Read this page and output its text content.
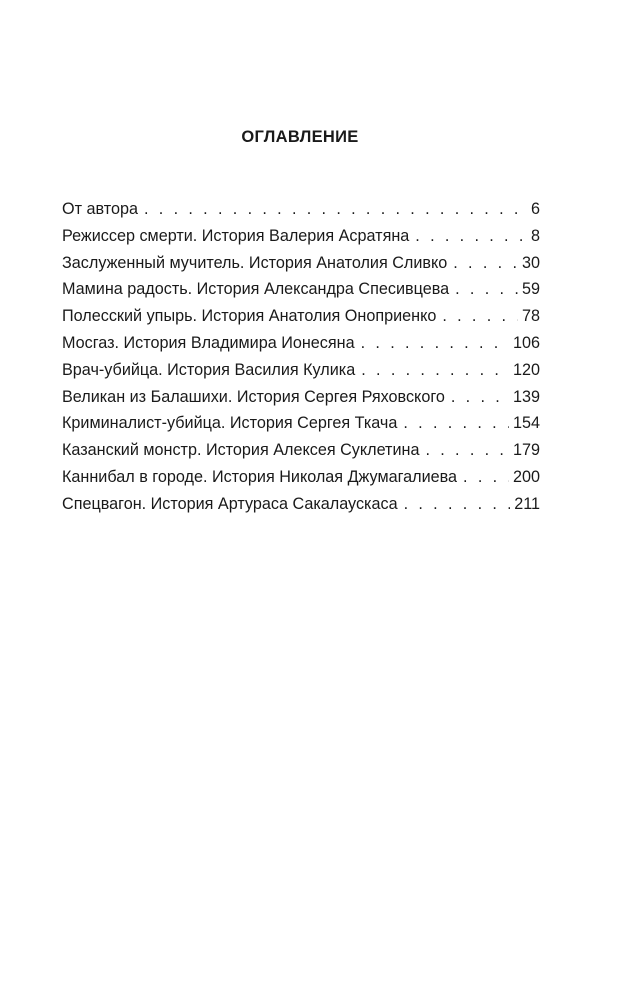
ОГЛАВЛЕНИЕ
От автора . . .	6
Режиссер смерти. История Валерия Асратяна . . .	8
Заслуженный мучитель. История Анатолия Сливко . . .	30
Мамина радость. История Александра Спесивцева . . .	59
Полесский упырь. История Анатолия Оноприенко . . .	78
Мосгаз. История Владимира Ионесяна . . .	106
Врач-убийца. История Василия Кулика . . .	120
Великан из Балашихи. История Сергея Ряховского . . .	139
Криминалист-убийца. История Сергея Ткача . . .	154
Казанский монстр. История Алексея Суклетина . . .	179
Каннибал в городе. История Николая Джумагалиева . . .	200
Спецвагон. История Артураса Сакалаускаса . . .	211
